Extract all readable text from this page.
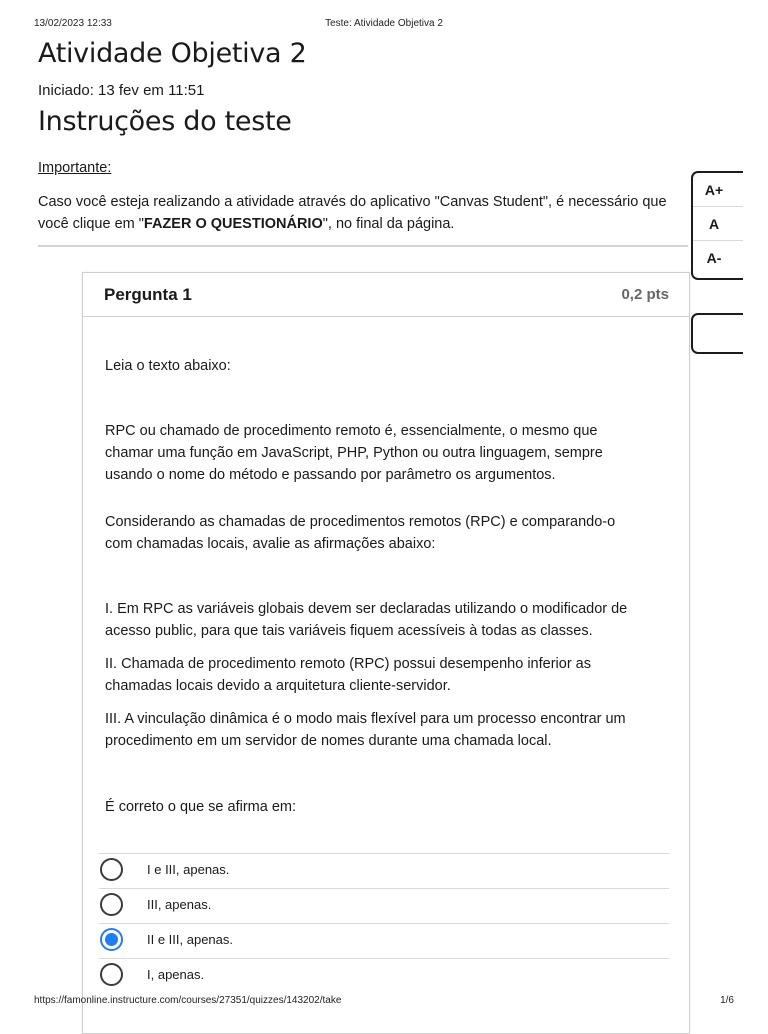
13/02/2023 12:33	Teste: Atividade Objetiva 2
Atividade Objetiva 2
Iniciado: 13 fev em 11:51
Instruções do teste
Importante:
Caso você esteja realizando a atividade através do aplicativo "Canvas Student", é necessário que
você clique em "FAZER O QUESTIONÁRIO", no final da página.
A+
A
A-
Pergunta 1	0,2 pts
Leia o texto abaixo:
RPC ou chamado de procedimento remoto é, essencialmente, o mesmo que
chamar uma função em JavaScript, PHP, Python ou outra linguagem, sempre
usando o nome do método e passando por parâmetro os argumentos.
Considerando as chamadas de procedimentos remotos (RPC) e comparando-o
com chamadas locais, avalie as afirmações abaixo:
I. Em RPC as variáveis globais devem ser declaradas utilizando o modificador de
acesso public, para que tais variáveis fiquem acessíveis à todas as classes.
II. Chamada de procedimento remoto (RPC) possui desempenho inferior as
chamadas locais devido a arquitetura cliente-servidor.
III. A vinculação dinâmica é o modo mais flexível para um processo encontrar um
procedimento em um servidor de nomes durante uma chamada local.
É correto o que se afirma em:
I e III, apenas.
III, apenas.
II e III, apenas.
I, apenas.
https://famonline.instructure.com/courses/27351/quizzes/143202/take	1/6
